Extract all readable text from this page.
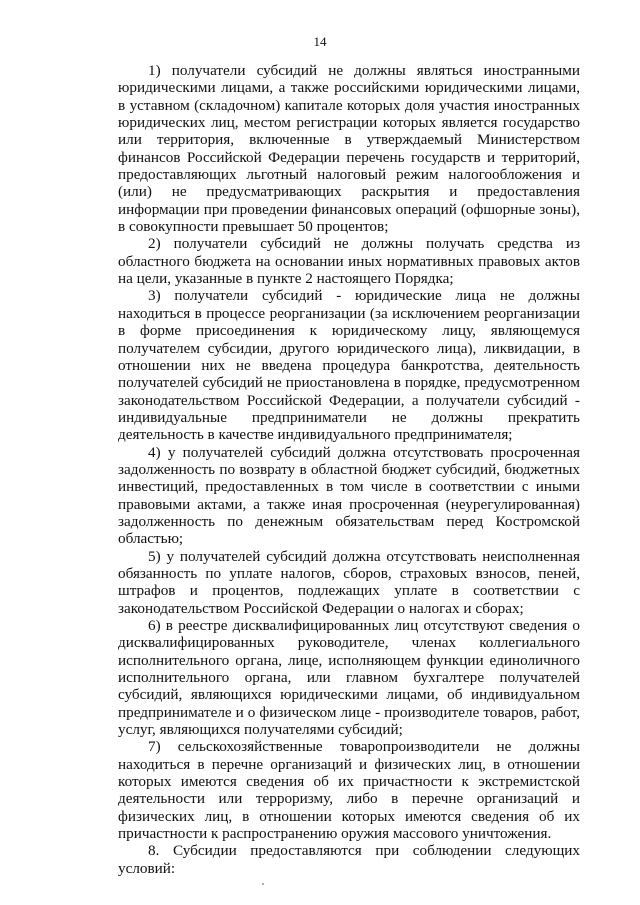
14

1) получатели субсидий не должны являться иностранными юридическими лицами, а также российскими юридическими лицами, в уставном (складочном) капитале которых доля участия иностранных юридических лиц, местом регистрации которых является государство или территория, включенные в утверждаемый Министерством финансов Российской Федерации перечень государств и территорий, предоставляющих льготный налоговый режим налогообложения и (или) не предусматривающих раскрытия и предоставления информации при проведении финансовых операций (офшорные зоны), в совокупности превышает 50 процентов;

2) получатели субсидий не должны получать средства из областного бюджета на основании иных нормативных правовых актов на цели, указанные в пункте 2 настоящего Порядка;

3) получатели субсидий - юридические лица не должны находиться в процессе реорганизации (за исключением реорганизации в форме присоединения к юридическому лицу, являющемуся получателем субсидии, другого юридического лица), ликвидации, в отношении них не введена процедура банкротства, деятельность получателей субсидий не приостановлена в порядке, предусмотренном законодательством Российской Федерации, а получатели субсидий - индивидуальные предприниматели не должны прекратить деятельность в качестве индивидуального предпринимателя;

4) у получателей субсидий должна отсутствовать просроченная задолженность по возврату в областной бюджет субсидий, бюджетных инвестиций, предоставленных в том числе в соответствии с иными правовыми актами, а также иная просроченная (неурегулированная) задолженность по денежным обязательствам перед Костромской областью;

5) у получателей субсидий должна отсутствовать неисполненная обязанность по уплате налогов, сборов, страховых взносов, пеней, штрафов и процентов, подлежащих уплате в соответствии с законодательством Российской Федерации о налогах и сборах;

6) в реестре дисквалифицированных лиц отсутствуют сведения о дисквалифицированных руководителе, членах коллегиального исполнительного органа, лице, исполняющем функции единоличного исполнительного органа, или главном бухгалтере получателей субсидий, являющихся юридическими лицами, об индивидуальном предпринимателе и о физическом лице - производителе товаров, работ, услуг, являющихся получателями субсидий;

7) сельскохозяйственные товаропроизводители не должны находиться в перечне организаций и физических лиц, в отношении которых имеются сведения об их причастности к экстремистской деятельности или терроризму, либо в перечне организаций и физических лиц, в отношении которых имеются сведения об их причастности к распространению оружия массового уничтожения.

8. Субсидии предоставляются при соблюдении следующих условий:
